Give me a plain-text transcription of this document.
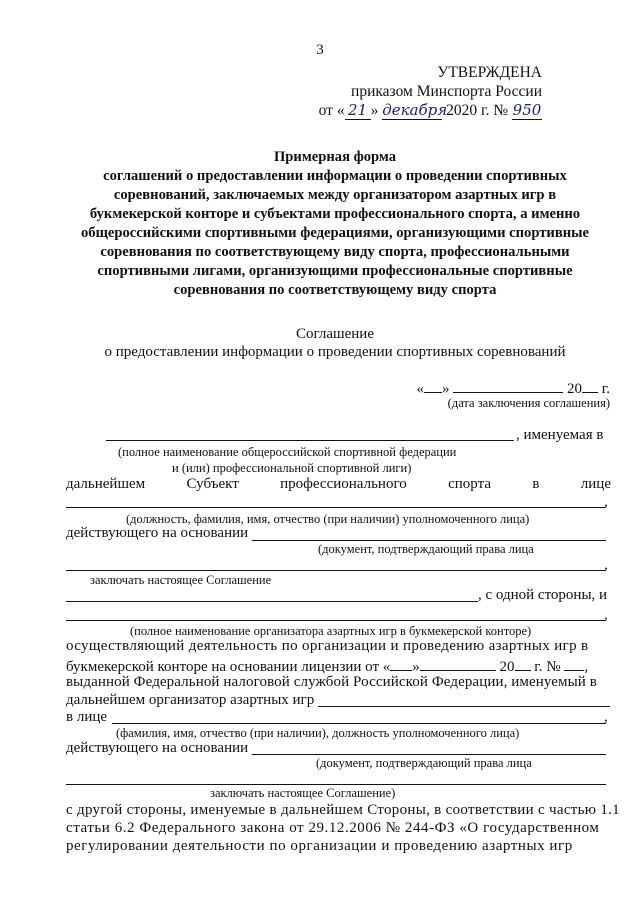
3
УТВЕРЖДЕНА
приказом Минспорта России
от « 21 » декабря 2020 г. № 950
Примерная форма
соглашений о предоставлении информации о проведении спортивных
соревнований, заключаемых между организатором азартных игр в
букмекерской конторе и субъектами профессионального спорта, а именно
общероссийскими спортивными федерациями, организующими спортивные
соревнования по соответствующему виду спорта, профессиональными
спортивными лигами, организующими профессиональные спортивные
соревнования по соответствующему виду спорта
Соглашение
о предоставлении информации о проведении спортивных соревнований
« »	20 г.
(дата заключения соглашения)
, именуемая в
(полное наименование общероссийской спортивной федерации
и (или) профессиональной спортивной лиги)
дальнейшем	Субъект	профессионального	спорта	в	лице
,
(должность, фамилия, имя, отчество (при наличии) уполномоченного лица)
действующего на основании
(документ, подтверждающий права лица
,
заключать настоящее Соглашение
, с одной стороны, и
,
(полное наименование организатора азартных игр в букмекерской конторе)
осуществляющий деятельность по организации и проведению азартных игр в
букмекерской конторе на основании лицензии от « »	20 г. № ,
выданной Федеральной налоговой службой Российской Федерации, именуемый в
дальнейшем организатор азартных игр
в лице	,
(фамилия, имя, отчество (при наличии), должность уполномоченного лица)
действующего на основании
(документ, подтверждающий права лица
заключать настоящее Соглашение)
с другой стороны, именуемые в дальнейшем Стороны, в соответствии с частью 1.1
статьи 6.2 Федерального закона от 29.12.2006 № 244-ФЗ «О государственном
регулировании деятельности по организации и проведению азартных игр
